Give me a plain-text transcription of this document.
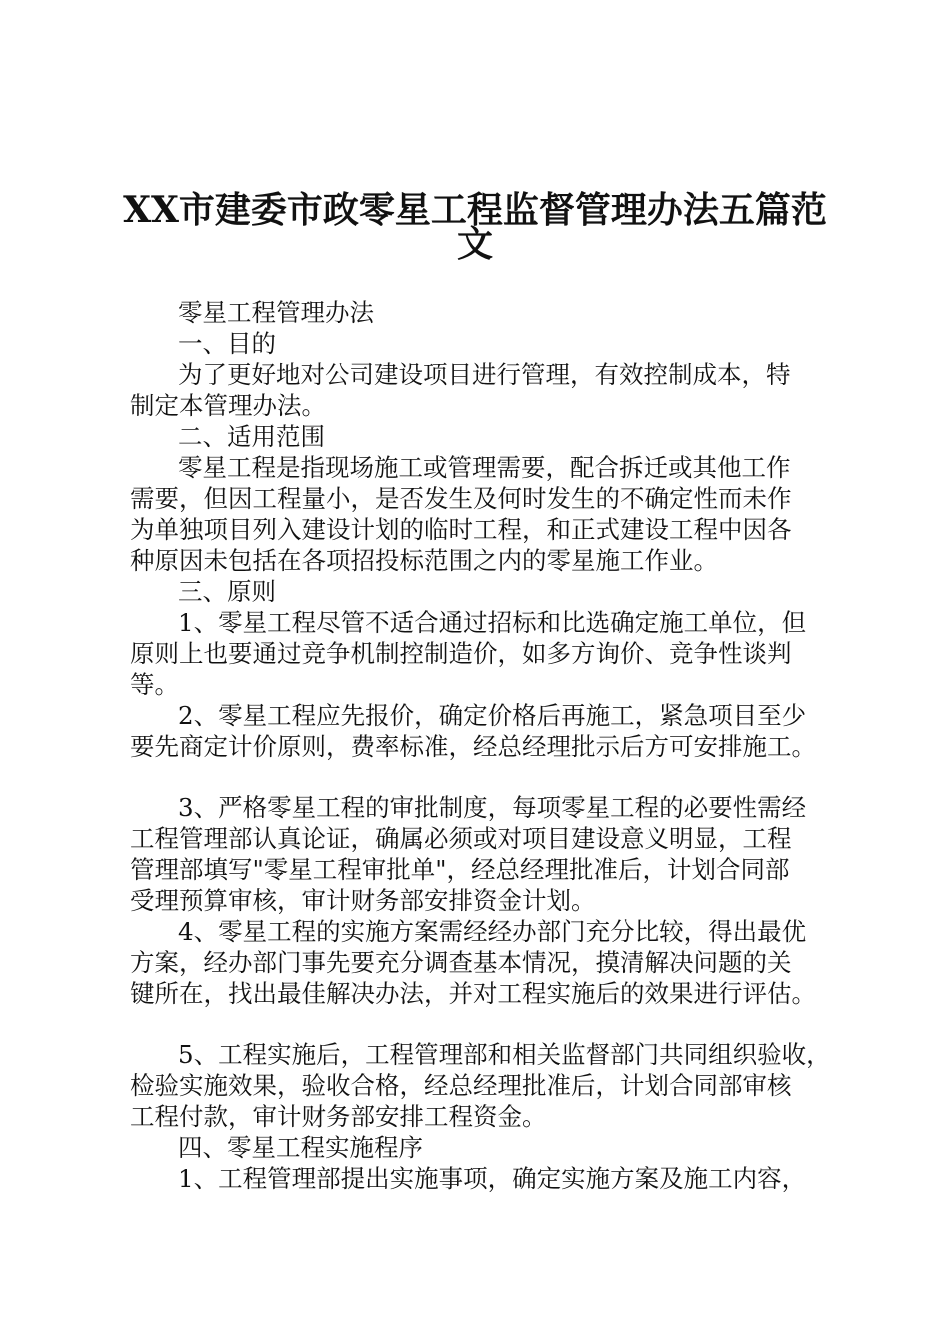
XX市建委市政零星工程监督管理办法五篇范
文
零星工程管理办法
一、目的
为了更好地对公司建设项目进行管理，有效控制成本，特
制定本管理办法。
二、适用范围
零星工程是指现场施工或管理需要，配合拆迁或其他工作
需要，但因工程量小，是否发生及何时发生的不确定性而未作
为单独项目列入建设计划的临时工程，和正式建设工程中因各
种原因未包括在各项招投标范围之内的零星施工作业。
三、原则
1、零星工程尽管不适合通过招标和比选确定施工单位，但
原则上也要通过竞争机制控制造价，如多方询价、竞争性谈判
等。
2、零星工程应先报价，确定价格后再施工，紧急项目至少
要先商定计价原则，费率标准，经总经理批示后方可安排施工。
3、严格零星工程的审批制度，每项零星工程的必要性需经
工程管理部认真论证，确属必须或对项目建设意义明显，工程
管理部填写"零星工程审批单"，经总经理批准后，计划合同部
受理预算审核，审计财务部安排资金计划。
4、零星工程的实施方案需经经办部门充分比较，得出最优
方案，经办部门事先要充分调查基本情况，摸清解决问题的关
键所在，找出最佳解决办法，并对工程实施后的效果进行评估。
5、工程实施后，工程管理部和相关监督部门共同组织验收，
检验实施效果，验收合格，经总经理批准后，计划合同部审核
工程付款，审计财务部安排工程资金。
四、零星工程实施程序
1、工程管理部提出实施事项，确定实施方案及施工内容，
